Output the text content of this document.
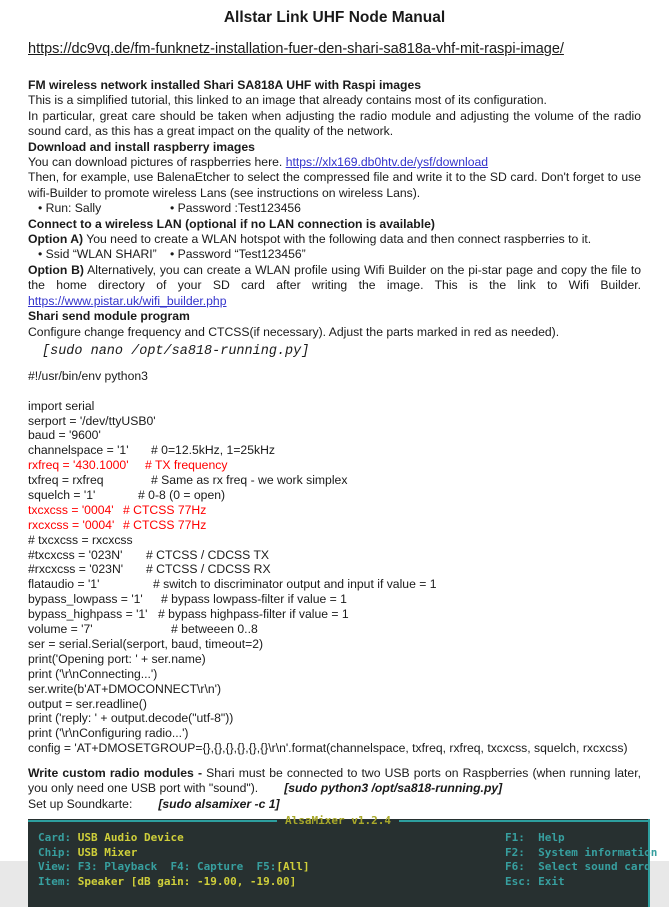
Allstar Link UHF Node Manual
https://dc9vq.de/fm-funknetz-installation-fuer-den-shari-sa818a-vhf-mit-raspi-image/

FM wireless network installed Shari SA818A UHF with Raspi images

This is a simplified tutorial, this linked to an image that already contains most of its configuration.

In particular, great care should be taken when adjusting the radio module and adjusting the volume of the radio sound card, as this has a great impact on the quality of the network.

Download and install raspberry images

You can download pictures of raspberries here. https://xlx169.db0htv.de/ysf/download

Then, for example, use BalenaEtcher to select the compressed file and write it to the SD card. Don't forget to use wifi-Builder to promote wireless Lans (see instructions on wireless Lans).

• Run: Sally	• Password :Test123456

Connect to a wireless LAN (optional if no LAN connection is available)

Option A) You need to create a WLAN hotspot with the following data and then connect raspberries to it.

• Ssid “WLAN SHARI”	• Password “Test123456”

Option B) Alternatively, you can create a WLAN profile using Wifi Builder on the pi-star page and copy the file to the home directory of your SD card after writing the image. This is the link to Wifi Builder. https://www.pistar.uk/wifi_builder.php

Shari send module program

Configure change frequency and CTCSS(if necessary). Adjust the parts marked in red as needed).

[sudo nano /opt/sa818-running.py]
#!/usr/bin/env python3

import serial
serport = '/dev/ttyUSB0'
baud = '9600'
channelspace = '1' # 0=12.5kHz, 1=25kHz
rxfreq = '430.1000' # TX frequency
txfreq = rxfreq	# Same as rx freq - we work simplex
squelch = '1'	# 0-8 (0 = open)
txcxcss = '0004' # CTCSS 77Hz
rxcxcss = '0004' # CTCSS 77Hz
# txcxcss = rxcxcss
#txcxcss = '023N' # CTCSS / CDCSS TX
#rxcxcss = '023N' # CTCSS / CDCSS RX
flataudio = '1'	# switch to discriminator output and input if value = 1
bypass_lowpass = '1' # bypass lowpass-filter if value = 1
bypass_highpass = '1' # bypass highpass-filter if value = 1
volume = '7'	# betweeen 0..8
ser = serial.Serial(serport, baud, timeout=2)
print('Opening port: ' + ser.name)
print ('\r\nConnecting...')
ser.write(b'AT+DMOCONNECT\r\n')
output = ser.readline()
print ('reply: ' + output.decode("utf-8"))
print ('\r\nConfiguring radio...')
config = 'AT+DMOSETGROUP={},{},{},{},{},{}\r\n'.format(channelspace, txfreq, rxfreq, txcxcss, squelch, rxcxcss)

Write custom radio modules - Shari must be connected to two USB ports on Raspberries (when running later, you only need one USB port with "sound"). [sudo python3 /opt/sa818-running.py]

Set up Soundkarte: [sudo alsamixer -c 1]

AlsaMixer v1.2.4
Card: USB Audio Device	F1:  Help
Chip: USB Mixer	F2:  System information
View: F3: Playback  F4: Capture  F5:[All]	F6:  Select sound card
Item: Speaker [dB gain: -19.00, -19.00]	Esc: Exit
